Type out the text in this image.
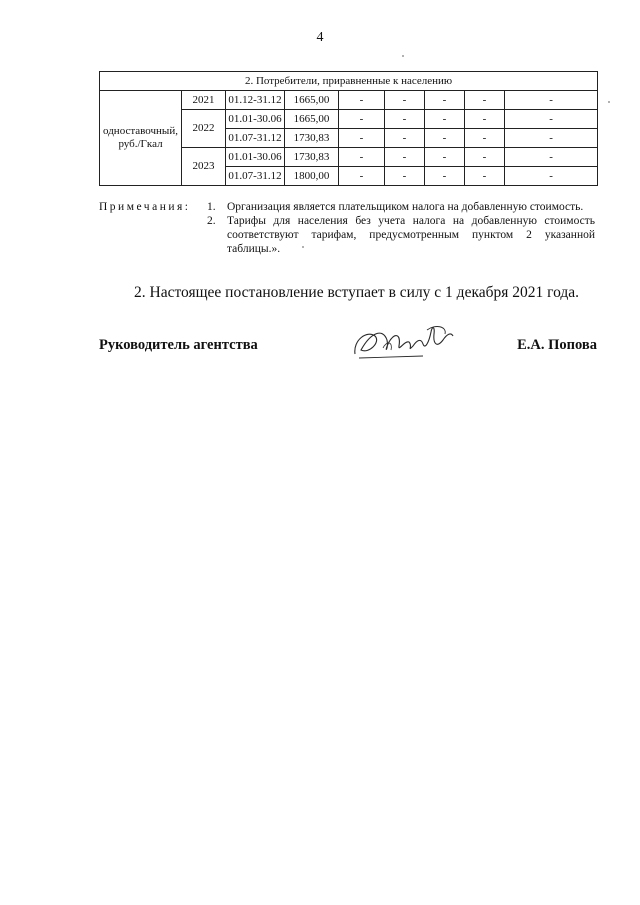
4
2. Потребители, приравненные к населению								
одноставочный,
руб./Гкал	2021	01.12-31.12	1665,00	-	-	-	-	-
	2022	01.01-30.06	1665,00	-	-	-	-	-
		01.07-31.12	1730,83	-	-	-	-	-
	2023	01.01-30.06	1730,83	-	-	-	-	-
		01.07-31.12	1800,00	-	-	-	-	-
Примечания: 1. Организация является плательщиком налога на добавленную стоимость.
2. Тарифы для населения без учета налога на добавленную стоимость соответствуют тарифам, предусмотренным пунктом 2 указанной таблицы.».
2. Настоящее постановление вступает в силу с 1 декабря 2021 года.
Руководитель агентства	Е.А. Попова
